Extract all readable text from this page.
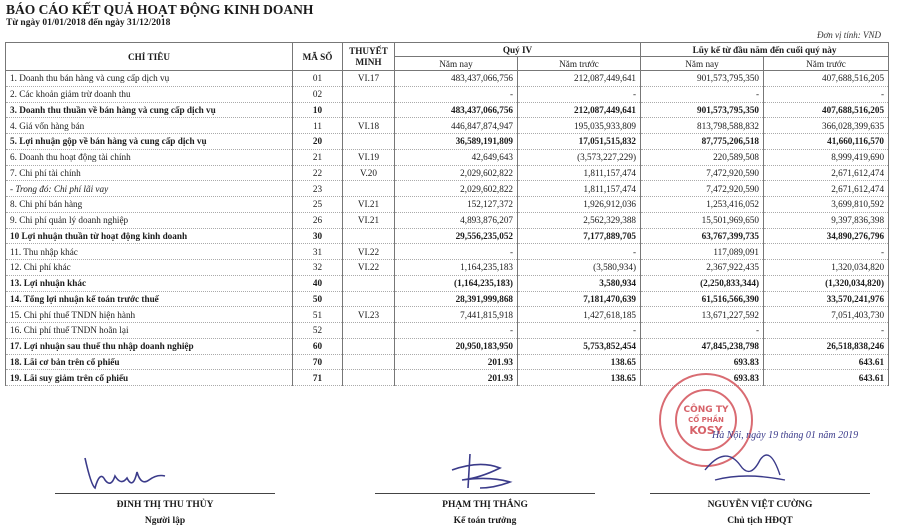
BÁO CÁO KẾT QUẢ HOẠT ĐỘNG KINH DOANH
Từ ngày 01/01/2018 đến ngày 31/12/2018
Đơn vị tính: VND
CHỈ TIÊU	MÃ SỐ	THUYẾT MINH	Quý IV		Lũy kế từ đầu năm đến cuối quý này	
			Năm nay	Năm trước	Năm nay	Năm trước
1. Doanh thu bán hàng và cung cấp dịch vụ	01	VI.17	483,437,066,756	212,087,449,641	901,573,795,350	407,688,516,205
2. Các khoản giảm trừ doanh thu	02		-	-	-	-
3. Doanh thu thuần về bán hàng và cung cấp dịch vụ	10		483,437,066,756	212,087,449,641	901,573,795,350	407,688,516,205
4. Giá vốn hàng bán	11	VI.18	446,847,874,947	195,035,933,809	813,798,588,832	366,028,399,635
5. Lợi nhuận gộp về bán hàng và cung cấp dịch vụ	20		36,589,191,809	17,051,515,832	87,775,206,518	41,660,116,570
6. Doanh thu hoạt động tài chính	21	VI.19	42,649,643	(3,573,227,229)	220,589,508	8,999,419,690
7. Chi phí tài chính	22	V.20	2,029,602,822	1,811,157,474	7,472,920,590	2,671,612,474
- Trong đó: Chi phí lãi vay	23		2,029,602,822	1,811,157,474	7,472,920,590	2,671,612,474
8. Chi phí bán hàng	25	VI.21	152,127,372	1,926,912,036	1,253,416,052	3,699,810,592
9. Chi phí quản lý doanh nghiệp	26	VI.21	4,893,876,207	2,562,329,388	15,501,969,650	9,397,836,398
10 Lợi nhuận thuần từ hoạt động kinh doanh	30		29,556,235,052	7,177,889,705	63,767,399,735	34,890,276,796
11. Thu nhập khác	31	VI.22	-	-	117,089,091	-
12. Chi phí khác	32	VI.22	1,164,235,183	(3,580,934)	2,367,922,435	1,320,034,820
13. Lợi nhuận khác	40		(1,164,235,183)	3,580,934	(2,250,833,344)	(1,320,034,820)
14. Tổng lợi nhuận kế toán trước thuế	50		28,391,999,868	7,181,470,639	61,516,566,390	33,570,241,976
15. Chi phí thuế TNDN hiện hành	51	VI.23	7,441,815,918	1,427,618,185	13,671,227,592	7,051,403,730
16. Chi phí thuế TNDN hoãn lại	52		-	-	-	-
17. Lợi nhuận sau thuế thu nhập doanh nghiệp	60		20,950,183,950	5,753,852,454	47,845,238,798	26,518,838,246
18. Lãi cơ bản trên cổ phiếu	70		201.93	138.65	693.83	643.61
19. Lãi suy giảm trên cổ phiếu	71		201.93	138.65	693.83	643.61
CÔNG TY
CỔ PHẦN
KOSY
Hà Nội, ngày 19 tháng 01 năm 2019
ĐINH THỊ THU THỦY
Người lập
PHẠM THỊ THẮNG
Kế toán trưởng
NGUYỄN VIỆT CƯỜNG
Chủ tịch HĐQT
